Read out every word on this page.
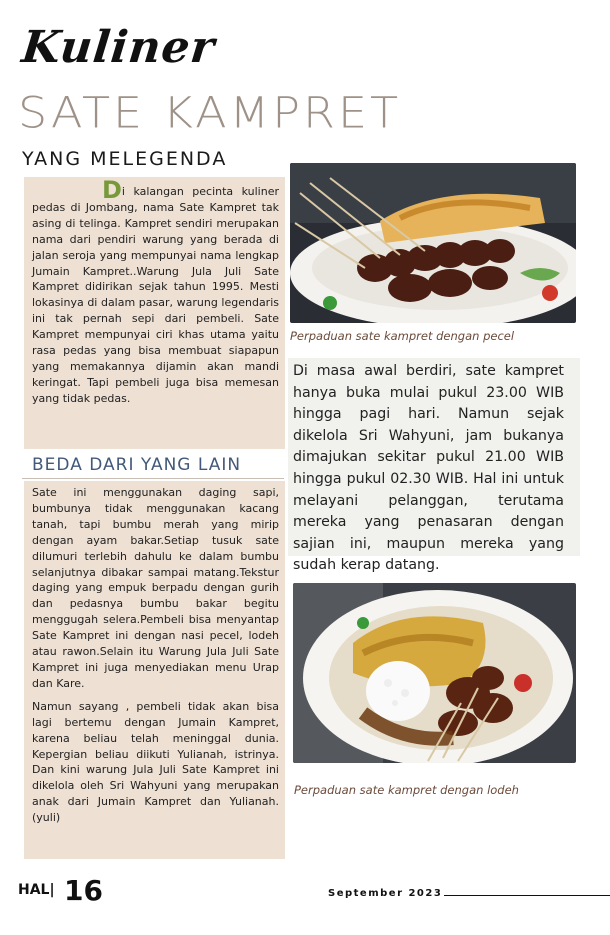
Kuliner
SATE KAMPRET
YANG MELEGENDA
Di kalangan pecinta kuliner pedas di Jombang, nama Sate Kampret tak asing di telinga. Kampret sendiri merupakan nama dari pendiri warung yang berada di jalan seroja yang mempunyai nama lengkap Jumain Kampret..Warung Jula Juli Sate Kampret didirikan sejak tahun 1995. Mesti lokasinya di dalam pasar, warung legendaris ini tak pernah sepi dari pembeli. Sate Kampret mempunyai ciri khas utama yaitu rasa pedas yang bisa membuat siapapun yang memakannya dijamin akan mandi keringat. Tapi pembeli juga bisa memesan yang tidak pedas.
BEDA DARI YANG LAIN

Sate ini menggunakan daging sapi, bumbunya tidak menggunakan kacang tanah, tapi bumbu merah yang mirip dengan ayam bakar.Setiap tusuk sate dilumuri terlebih dahulu ke dalam bumbu selanjutnya dibakar sampai matang.Tekstur daging yang empuk berpadu dengan gurih dan pedasnya bumbu bakar begitu menggugah selera.Pembeli bisa menyantap Sate Kampret ini dengan nasi pecel, lodeh atau rawon.Selain itu Warung Jula Juli Sate Kampret ini juga menyediakan menu Urap dan Kare.

Namun sayang , pembeli tidak akan bisa lagi bertemu dengan Jumain Kampret, karena beliau telah meninggal dunia. Kepergian beliau diikuti Yulianah, istrinya. Dan kini warung Jula Juli Sate Kampret ini dikelola oleh Sri Wahyuni yang merupakan anak dari Jumain Kampret dan Yulianah.(yuli)

Perpaduan sate kampret dengan pecel
Di masa awal berdiri, sate kampret hanya buka mulai pukul 23.00 WIB hingga pagi hari. Namun sejak dikelola Sri Wahyuni, jam bukanya dimajukan sekitar pukul 21.00 WIB hingga pukul 02.30 WIB. Hal ini untuk melayani pelanggan, terutama mereka yang penasaran dengan sajian ini, maupun mereka yang sudah kerap datang.
Perpaduan sate kampret dengan lodeh
HAL| 16	September 2023
